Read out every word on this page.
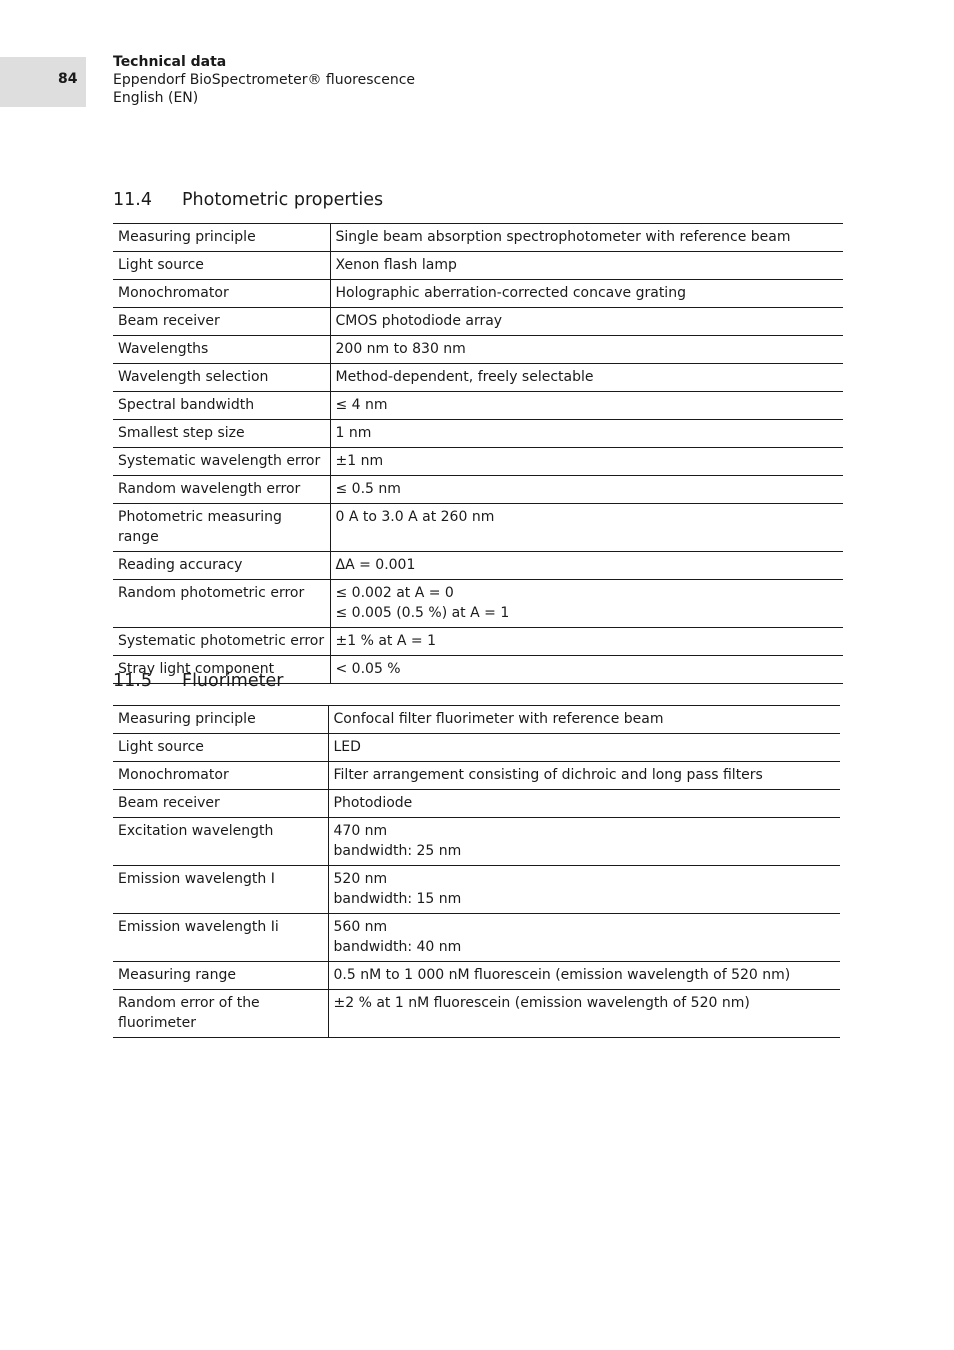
84
Technical data
Eppendorf BioSpectrometer® fluorescence
English (EN)
11.4 Photometric properties
Measuring principle	Single beam absorption spectrophotometer with reference beam
Light source	Xenon flash lamp
Monochromator	Holographic aberration-corrected concave grating
Beam receiver	CMOS photodiode array
Wavelengths	200 nm to 830 nm
Wavelength selection	Method-dependent, freely selectable
Spectral bandwidth	≤ 4 nm
Smallest step size	1 nm
Systematic wavelength error	±1 nm
Random wavelength error	≤ 0.5 nm
Photometric measuring range	0 A to 3.0 A at 260 nm
Reading accuracy	ΔA = 0.001
Random photometric error	≤ 0.002 at A = 0
≤ 0.005 (0.5 %) at A = 1
Systematic photometric error	±1 % at A = 1
Stray light component	< 0.05 %
11.5 Fluorimeter
Measuring principle	Confocal filter fluorimeter with reference beam
Light source	LED
Monochromator	Filter arrangement consisting of dichroic and long pass filters
Beam receiver	Photodiode
Excitation wavelength	470 nm
bandwidth: 25 nm
Emission wavelength I	520 nm
bandwidth: 15 nm
Emission wavelength Ii	560 nm
bandwidth: 40 nm
Measuring range	0.5 nM to 1 000 nM fluorescein (emission wavelength of 520 nm)
Random error of the fluorimeter	±2 % at 1 nM fluorescein (emission wavelength of 520 nm)
